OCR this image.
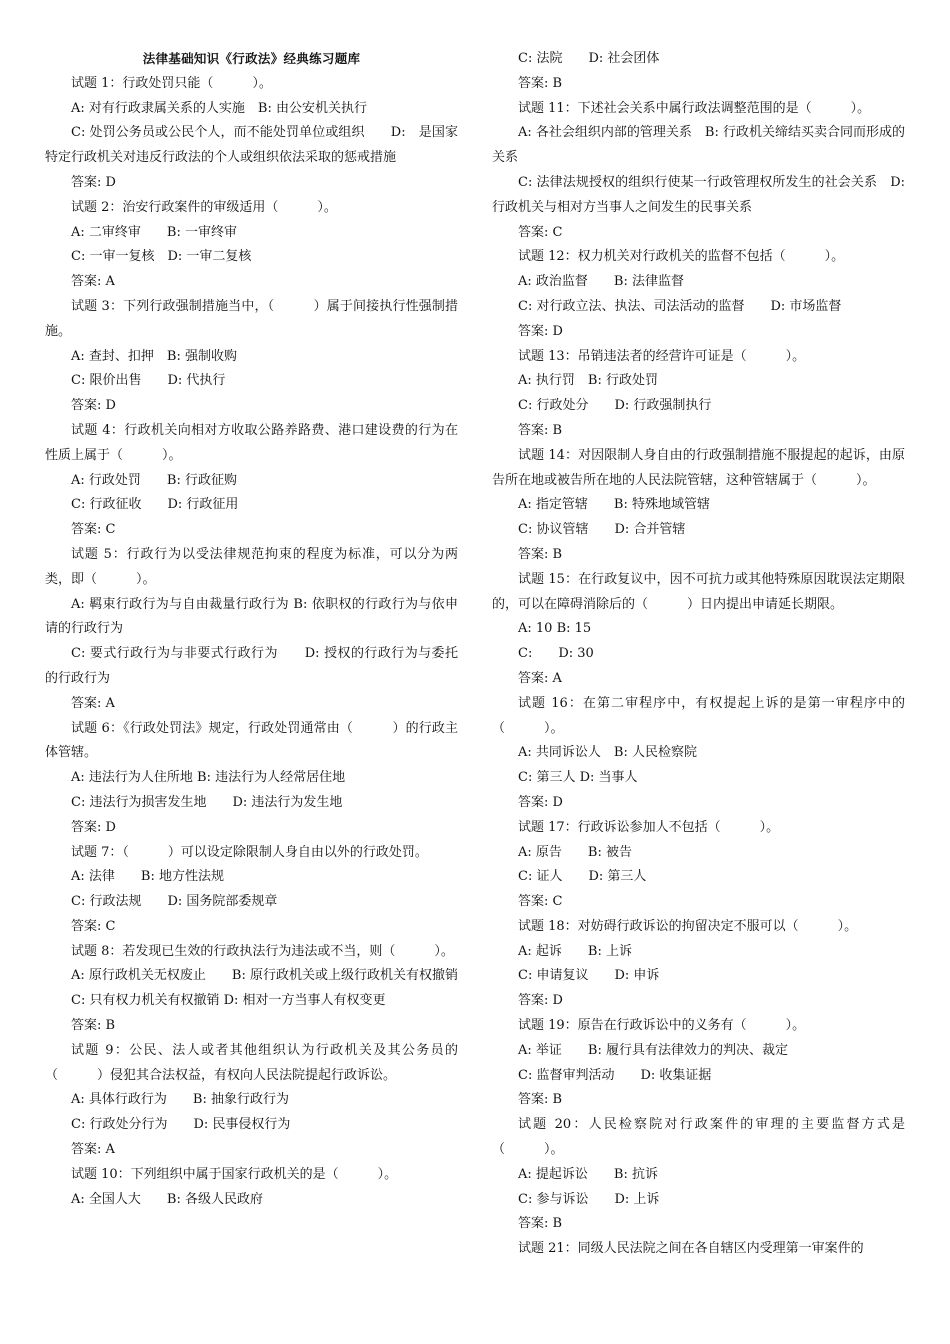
法律基础知识《行政法》经典练习题库

试题 1：行政处罚只能（　　　）。

A: 对有行政隶属关系的人实施　B: 由公安机关执行

C: 处罚公务员或公民个人，而不能处罚单位或组织　　D:　是国家特定行政机关对违反行政法的个人或组织依法采取的惩戒措施

答案: D

试题 2：治安行政案件的审级适用（　　　）。

A: 二审终审　　B: 一审终审

C: 一审一复核　D: 一审二复核

答案: A

试题 3：下列行政强制措施当中，（　　　）属于间接执行性强制措施。

A: 查封、扣押　B: 强制收购

C: 限价出售　　D: 代执行

答案: D

试题 4：行政机关向相对方收取公路养路费、港口建设费的行为在性质上属于（　　　）。

A: 行政处罚　　B: 行政征购

C: 行政征收　　D: 行政征用

答案: C

试题 5：行政行为以受法律规范拘束的程度为标准，可以分为两类，即（　　　）。

A: 羁束行政行为与自由裁量行政行为 B: 依职权的行政行为与依申请的行政行为

C: 要式行政行为与非要式行政行为　　D: 授权的行政行为与委托的行政行为

答案: A

试题 6：《行政处罚法》规定，行政处罚通常由（　　　）的行政主体管辖。

A: 违法行为人住所地 B: 违法行为人经常居住地

C: 违法行为损害发生地　　D: 违法行为发生地

答案: D

试题 7：（　　　）可以设定除限制人身自由以外的行政处罚。

A: 法律　　B: 地方性法规

C: 行政法规　　D: 国务院部委规章

答案: C

试题 8：若发现已生效的行政执法行为违法或不当，则（　　　）。

A: 原行政机关无权废止　　B: 原行政机关或上级行政机关有权撤销

C: 只有权力机关有权撤销 D: 相对一方当事人有权变更

答案: B

试题 9：公民、法人或者其他组织认为行政机关及其公务员的（　　　）侵犯其合法权益，有权向人民法院提起行政诉讼。

A: 具体行政行为　　B: 抽象行政行为

C: 行政处分行为　　D: 民事侵权行为

答案: A

试题 10：下列组织中属于国家行政机关的是（　　　）。

A: 全国人大　　B: 各级人民政府

C: 法院　　D: 社会团体

答案: B

试题 11：下述社会关系中属行政法调整范围的是（　　　）。

A: 各社会组织内部的管理关系　B: 行政机关缔结买卖合同而形成的关系

C: 法律法规授权的组织行使某一行政管理权所发生的社会关系　D: 行政机关与相对方当事人之间发生的民事关系

答案: C

试题 12：权力机关对行政机关的监督不包括（　　　）。

A: 政治监督　　B: 法律监督

C: 对行政立法、执法、司法活动的监督　　D: 市场监督

答案: D

试题 13：吊销违法者的经营许可证是（　　　）。

A: 执行罚　B: 行政处罚

C: 行政处分　　D: 行政强制执行

答案: B

试题 14：对因限制人身自由的行政强制措施不服提起的起诉，由原告所在地或被告所在地的人民法院管辖，这种管辖属于（　　　）。

A: 指定管辖　　B: 特殊地域管辖

C: 协议管辖　　D: 合并管辖

答案: B

试题 15：在行政复议中，因不可抗力或其他特殊原因耽误法定期限的，可以在障碍消除后的（　　　）日内提出申请延长期限。

A: 10 B: 15

C:　　D: 30

答案: A

试题 16：在第二审程序中，有权提起上诉的是第一审程序中的（　　　）。

A: 共同诉讼人　B: 人民检察院

C: 第三人 D: 当事人

答案: D

试题 17：行政诉讼参加人不包括（　　　）。

A: 原告　　B: 被告

C: 证人　　D: 第三人

答案: C

试题 18：对妨碍行政诉讼的拘留决定不服可以（　　　）。

A: 起诉　　B: 上诉

C: 申请复议　　D: 申诉

答案: D

试题 19：原告在行政诉讼中的义务有（　　　）。

A: 举证　　B: 履行具有法律效力的判决、裁定

C: 监督审判活动　　D: 收集证据

答案: B

试题 20：人民检察院对行政案件的审理的主要监督方式是（　　　）。

A: 提起诉讼　　B: 抗诉

C: 参与诉讼　　D: 上诉

答案: B

试题 21：同级人民法院之间在各自辖区内受理第一审案件的
